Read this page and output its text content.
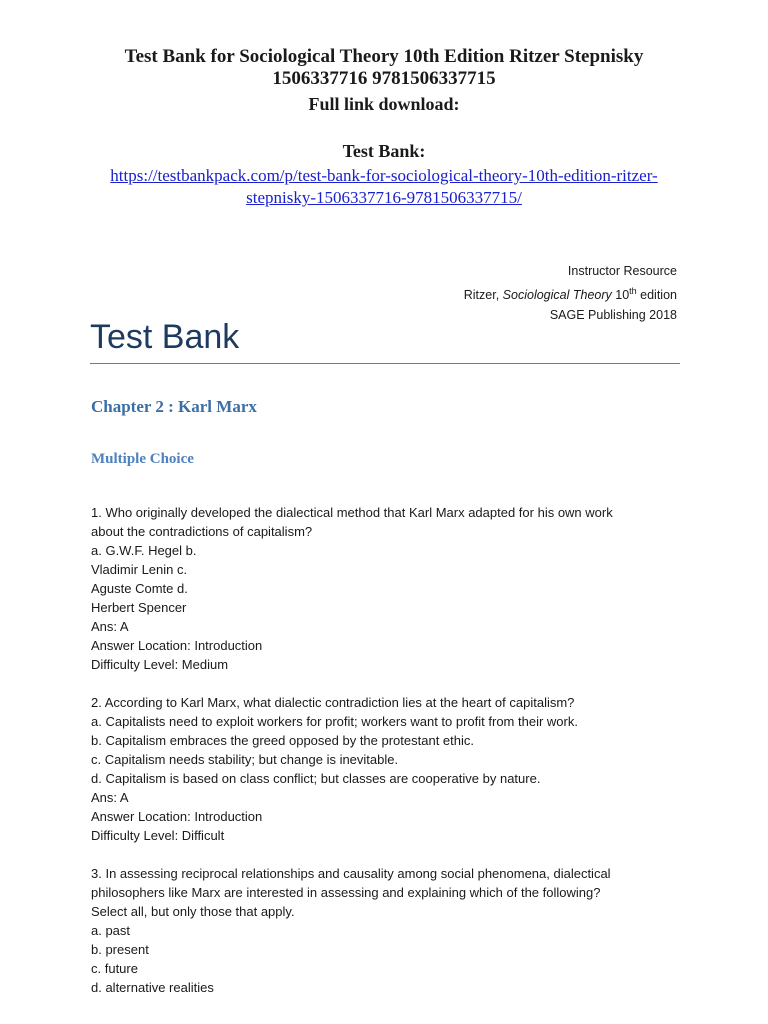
Test Bank for Sociological Theory 10th Edition Ritzer Stepnisky
1506337716 9781506337715
Full link download:
Test Bank:
https://testbankpack.com/p/test-bank-for-sociological-theory-10th-edition-ritzer-
stepnisky-1506337716-9781506337715/
Instructor Resource
Ritzer, Sociological Theory 10th edition
SAGE Publishing 2018
Test Bank
Chapter 2 : Karl Marx
Multiple Choice
1. Who originally developed the dialectical method that Karl Marx adapted for his own work
about the contradictions of capitalism?
a. G.W.F. Hegel b.
Vladimir Lenin c.
Aguste Comte d.
Herbert Spencer
Ans: A
Answer Location: Introduction
Difficulty Level: Medium
2. According to Karl Marx, what dialectic contradiction lies at the heart of capitalism?
a. Capitalists need to exploit workers for profit; workers want to profit from their work.
b. Capitalism embraces the greed opposed by the protestant ethic.
c. Capitalism needs stability; but change is inevitable.
d. Capitalism is based on class conflict; but classes are cooperative by nature.
Ans: A
Answer Location: Introduction
Difficulty Level: Difficult
3. In assessing reciprocal relationships and causality among social phenomena, dialectical
philosophers like Marx are interested in assessing and explaining which of the following?
Select all, but only those that apply.
a. past
b. present
c. future
d. alternative realities
